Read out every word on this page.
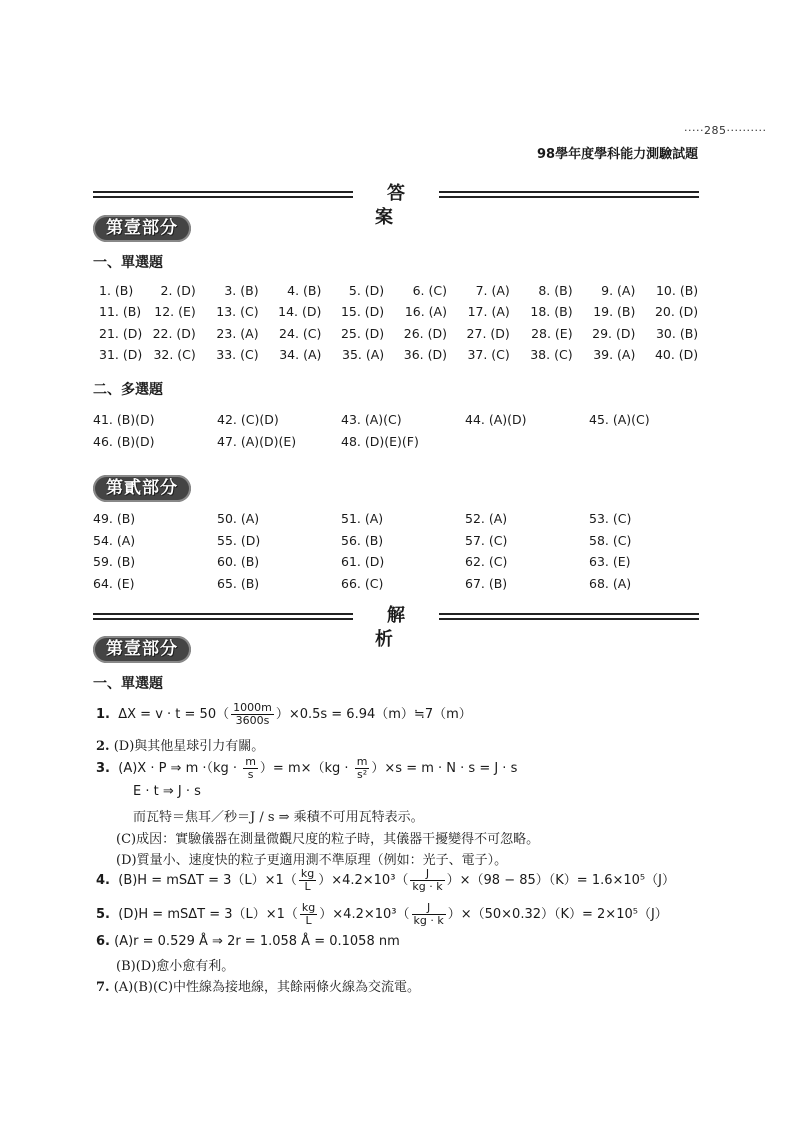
·····285··········
98學年度學科能力測驗試題
答案
第壹部分
一、單選題
1. (B)	2. (D)	3. (B)	4. (B)	5. (D)	6. (C)	7. (A)	8. (B)	9. (A)	10. (B)
11. (B)	12. (E)	13. (C)	14. (D)	15. (D)	16. (A)	17. (A)	18. (B)	19. (B)	20. (D)
21. (D) 22. (D)	23. (A)	24. (C)	25. (D)	26. (D)	27. (D)	28. (E)	29. (D)	30. (B)
31. (D) 32. (C)	33. (C)	34. (A)	35. (A)	36. (D)	37. (C)	38. (C)	39. (A)	40. (D)
二、多選題
41. (B)(D)	42. (C)(D)	43. (A)(C)	44. (A)(D)	45. (A)(C)
46. (B)(D)	47. (A)(D)(E)	48. (D)(E)(F)
第貳部分
49. (B)	50. (A)	51. (A)	52. (A)	53. (C)
54. (A)	55. (D)	56. (B)	57. (C)	58. (C)
59. (B)	60. (B)	61. (D)	62. (C)	63. (E)
64. (E)	65. (B)	66. (C)	67. (B)	68. (A)
解析
第壹部分
一、單選題
1. $\Delta X = v \cdot t = 50( \frac{1000m}{3600s} )\times 0.5s$ = 6.94（m）≒7（m）
2. (D)與其他星球引力有關。
3. (A)X · P ⇒ $m \cdot(kg \cdot \frac{m}{s}$ ）= $m\times(kg \cdot \frac{m}{\text{s²}} )\times s = m \cdot N \cdot s = J \cdot s$
E · t ⇒ J · s
而瓦特＝焦耳／秒＝J / s ⇒ 乘積不可用瓦特表示。
(C)成因：實驗儀器在測量微觀尺度的粒子時，其儀器干擾變得不可忽略。
(D)質量小、速度快的粒子更適用測不準原理（例如：光子、電子）。
4. $(B)H = mS\Delta T = 3(L)\times 1( \frac{kg}{L} )\times 4.2\times 10^3( \frac{J}{kg \cdot k} )\times(98 - 85)(K)= 1.6\times 10^5(J)$
5. $(D)H = mS\Delta T = 3(L)\times 1( \frac{kg}{L} )\times 4.2\times 10^3( \frac{J}{kg \cdot k} )\times(50\times 0.32)(K)= 2\times 10^5(J)$
6. (A)r = 0.529 Å ⇒ 2r = 1.058 Å = 0.1058 nm
(B)(D)愈小愈有利。
7. (A)(B)(C)中性線為接地線，其餘兩條火線為交流電。
